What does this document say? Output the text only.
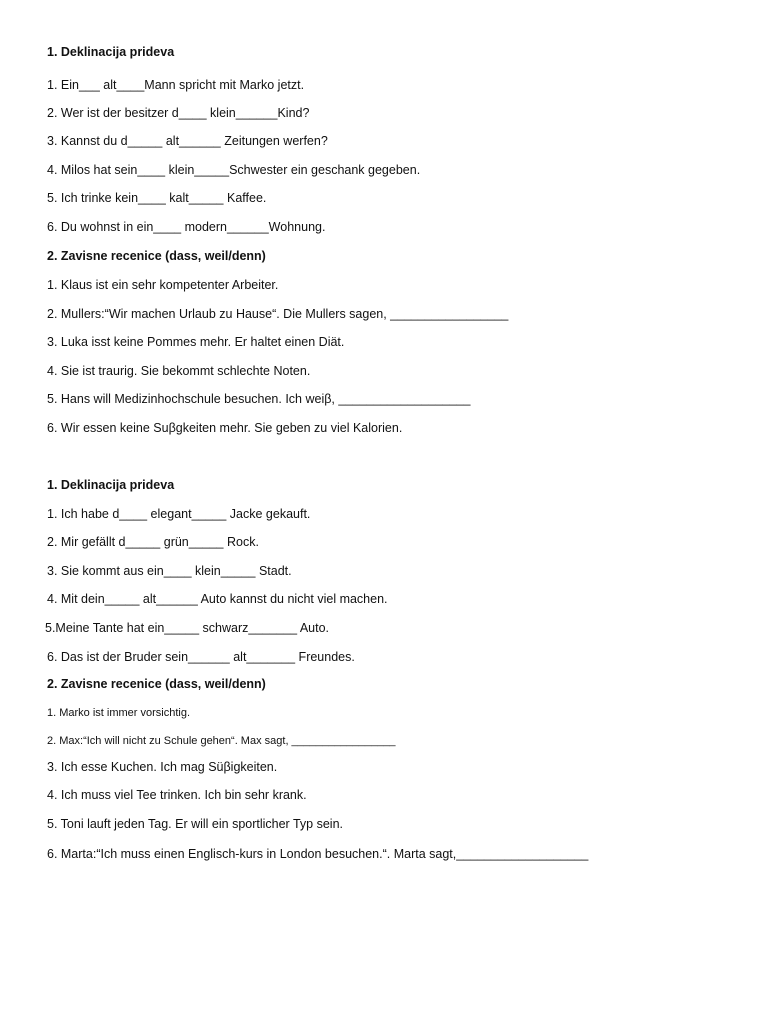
1. Deklinacija prideva
1. Ein___ alt____Mann spricht mit Marko jetzt.
2. Wer ist der besitzer d____ klein______Kind?
3. Kannst du d_____ alt______ Zeitungen werfen?
4. Milos hat sein____ klein_____Schwester ein geschank gegeben.
5. Ich trinke kein____ kalt_____ Kaffee.
6. Du wohnst in ein____ modern______Wohnung.
2. Zavisne recenice (dass, weil/denn)
1. Klaus ist ein sehr kompetenter Arbeiter.
2. Mullers:“Wir machen Urlaub zu Hause“. Die Mullers sagen, _________________
3. Luka isst keine Pommes mehr. Er haltet einen Diät.
4. Sie ist traurig. Sie bekommt schlechte Noten.
5. Hans will Medizinhochschule besuchen. Ich weiβ, ___________________
6. Wir essen keine Suβgkeiten mehr. Sie geben zu viel Kalorien.
1. Deklinacija prideva
1. Ich habe d____ elegant_____ Jacke gekauft.
2. Mir gefällt d_____ grün_____ Rock.
3. Sie kommt aus ein____ klein_____ Stadt.
4. Mit dein_____ alt______ Auto kannst du nicht viel machen.
5.Meine Tante hat ein_____ schwarz_______ Auto.
6. Das ist der Bruder sein______ alt_______ Freundes.
2. Zavisne recenice (dass, weil/denn)
1. Marko ist immer vorsichtig.
2. Max:“Ich will nicht zu Schule gehen“. Max sagt, _________________
3. Ich esse Kuchen. Ich mag Süβigkeiten.
4. Ich muss viel Tee trinken. Ich bin sehr krank.
5. Toni lauft jeden Tag. Er will ein sportlicher Typ sein.
6. Marta:“Ich muss einen Englisch-kurs in London besuchen.“. Marta sagt,___________________
